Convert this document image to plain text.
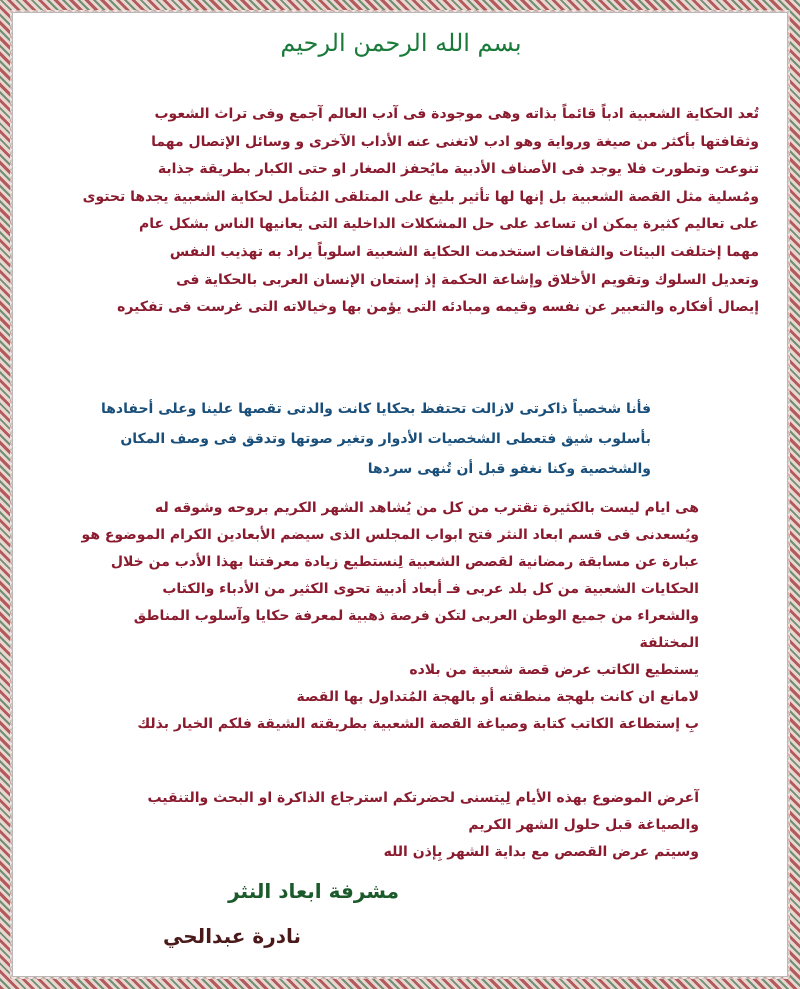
بسم الله الرحمن الرحيم
تُعد الحكاية الشعبية ادباً قائماً بذاته وهى موجودة فى آدب العالم آجمع وفى تراث الشعوب
وثقافتها بأكثر من صيغة ورواية وهو ادب لاتغنى عنه الأداب الآخرى و وسائل الإتصال مهما
تنوعت وتطورت فلا يوجد فى الأصناف الأدبية مايُحفز الصغار او حتى الكبار بطريقة جذابة
ومُسلية مثل القصة الشعبية بل إنها لها تأثير بليغ على المتلقى المُتأمل لحكاية الشعبية يجدها تحتوى
على تعاليم كثيرة يمكن ان تساعد على حل المشكلات الداخلية التى يعانيها الناس بشكل عام
مهما إختلفت البيئات والثقافات استخدمت الحكاية الشعبية اسلوباً يراد به تهذيب النفس
وتعديل السلوك وتقويم الأخلاق وإشاعة الحكمة إذ إستعان الإنسان العربى بالحكاية فى
إيصال أفكاره والتعبير عن نفسه وقيمه ومبادئه التى يؤمن بها وخيالاته التى غرست فى تفكيره
فأنا شخصياً ذاكرتى لازالت تحتفظ بحكايا كانت والدتى تقصها علينا وعلى أحفادها
بأسلوب شيق فتعطى الشخصيات الأدوار وتغير صوتها وتدقق فى وصف المكان
والشخصية وكنا نغفو قبل أن تُنهى سردها
هى ايام ليست بالكثيرة تقترب من كل من يُشاهد الشهر الكريم بروحه وشوقه له
ويُسعدنى فى قسم ابعاد النثر فتح ابواب المجلس الذى سيضم الأبعادين الكرام الموضوع هو
عبارة عن مسابقة رمضانية لقصص الشعبية لِنستطيع زيادة معرفتنا بهذا الأدب من خلال
الحكايات الشعبية من كل بلد عربى فـ أبعاد أدبية تحوى الكثير من الأدباء والكتاب
والشعراء من جميع الوطن العربى لتكن فرصة ذهبية لمعرفة حكايا وآسلوب المناطق
المختلفة
يستطيع الكاتب عرض قصة شعبية من بلاده
لامانع ان كانت بلهجة منطقته أو بالهجة المُتداول بها القصة
بِ إستطاعة الكاتب كتابة وصياغة القصة الشعبية بطريقته الشيقة فلكم الخيار بذلك
آعرض الموضوع بهذه الأيام لِيتسنى لحضرتكم استرجاع الذاكرة او البحث والتنقيب
والصياغة قبل حلول الشهر الكريم
وسيتم عرض القصص مع بداية الشهر بِإذن الله
مشرفة ابعاد النثر
نادرة عبدالحي
